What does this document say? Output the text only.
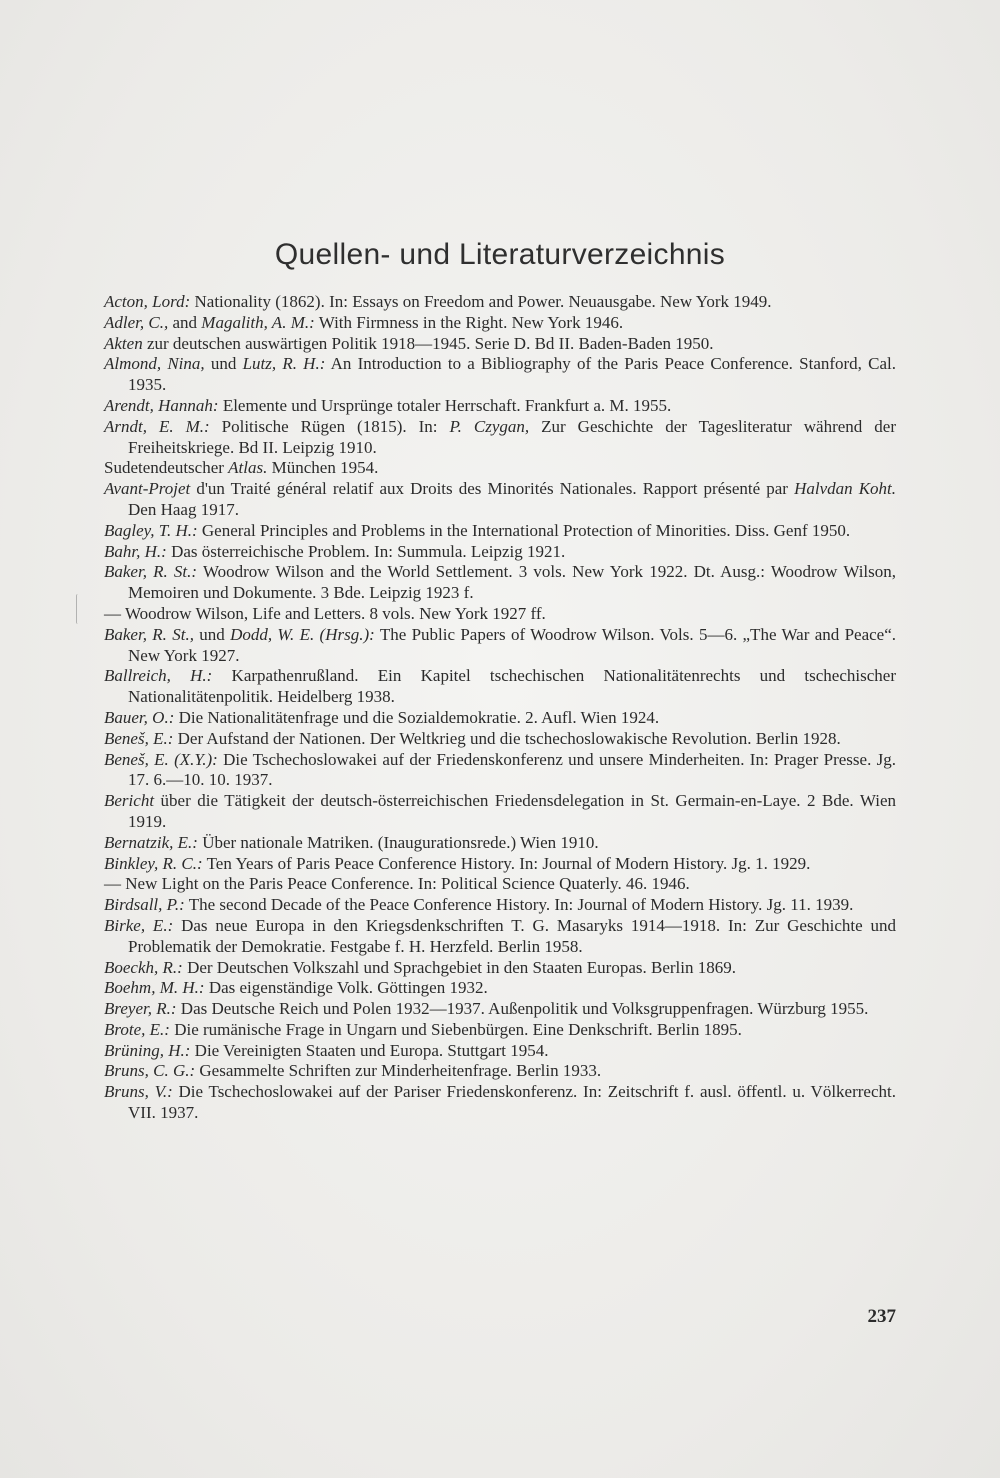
Quellen- und Literaturverzeichnis

Acton, Lord: Nationality (1862). In: Essays on Freedom and Power. Neuausgabe. New York 1949.

Adler, C., and Magalith, A. M.: With Firmness in the Right. New York 1946.

Akten zur deutschen auswärtigen Politik 1918—1945. Serie D. Bd II. Baden-Baden 1950.

Almond, Nina, und Lutz, R. H.: An Introduction to a Bibliography of the Paris Peace Conference. Stanford, Cal. 1935.

Arendt, Hannah: Elemente und Ursprünge totaler Herrschaft. Frankfurt a. M. 1955.

Arndt, E. M.: Politische Rügen (1815). In: P. Czygan, Zur Geschichte der Tagesliteratur während der Freiheitskriege. Bd II. Leipzig 1910.

Sudetendeutscher Atlas. München 1954.

Avant-Projet d'un Traité général relatif aux Droits des Minorités Nationales. Rapport présenté par Halvdan Koht. Den Haag 1917.

Bagley, T. H.: General Principles and Problems in the International Protection of Minorities. Diss. Genf 1950.

Bahr, H.: Das österreichische Problem. In: Summula. Leipzig 1921.

Baker, R. St.: Woodrow Wilson and the World Settlement. 3 vols. New York 1922. Dt. Ausg.: Woodrow Wilson, Memoiren und Dokumente. 3 Bde. Leipzig 1923 f.

— Woodrow Wilson, Life and Letters. 8 vols. New York 1927 ff.

Baker, R. St., und Dodd, W. E. (Hrsg.): The Public Papers of Woodrow Wilson. Vols. 5—6. „The War and Peace“. New York 1927.

Ballreich, H.: Karpathenrußland. Ein Kapitel tschechischen Nationalitätenrechts und tschechischer Nationalitätenpolitik. Heidelberg 1938.

Bauer, O.: Die Nationalitätenfrage und die Sozialdemokratie. 2. Aufl. Wien 1924.

Beneš, E.: Der Aufstand der Nationen. Der Weltkrieg und die tschechoslowakische Revolution. Berlin 1928.

Beneš, E. (X.Y.): Die Tschechoslowakei auf der Friedenskonferenz und unsere Minderheiten. In: Prager Presse. Jg. 17. 6.—10. 10. 1937.

Bericht über die Tätigkeit der deutsch-österreichischen Friedensdelegation in St. Germain-en-Laye. 2 Bde. Wien 1919.

Bernatzik, E.: Über nationale Matriken. (Inaugurationsrede.) Wien 1910.

Binkley, R. C.: Ten Years of Paris Peace Conference History. In: Journal of Modern History. Jg. 1. 1929.

— New Light on the Paris Peace Conference. In: Political Science Quaterly. 46. 1946.

Birdsall, P.: The second Decade of the Peace Conference History. In: Journal of Modern History. Jg. 11. 1939.

Birke, E.: Das neue Europa in den Kriegsdenkschriften T. G. Masaryks 1914—1918. In: Zur Geschichte und Problematik der Demokratie. Festgabe f. H. Herzfeld. Berlin 1958.

Boeckh, R.: Der Deutschen Volkszahl und Sprachgebiet in den Staaten Europas. Berlin 1869.

Boehm, M. H.: Das eigenständige Volk. Göttingen 1932.

Breyer, R.: Das Deutsche Reich und Polen 1932—1937. Außenpolitik und Volksgruppenfragen. Würzburg 1955.

Brote, E.: Die rumänische Frage in Ungarn und Siebenbürgen. Eine Denkschrift. Berlin 1895.

Brüning, H.: Die Vereinigten Staaten und Europa. Stuttgart 1954.

Bruns, C. G.: Gesammelte Schriften zur Minderheitenfrage. Berlin 1933.

Bruns, V.: Die Tschechoslowakei auf der Pariser Friedenskonferenz. In: Zeitschrift f. ausl. öffentl. u. Völkerrecht. VII. 1937.

237
